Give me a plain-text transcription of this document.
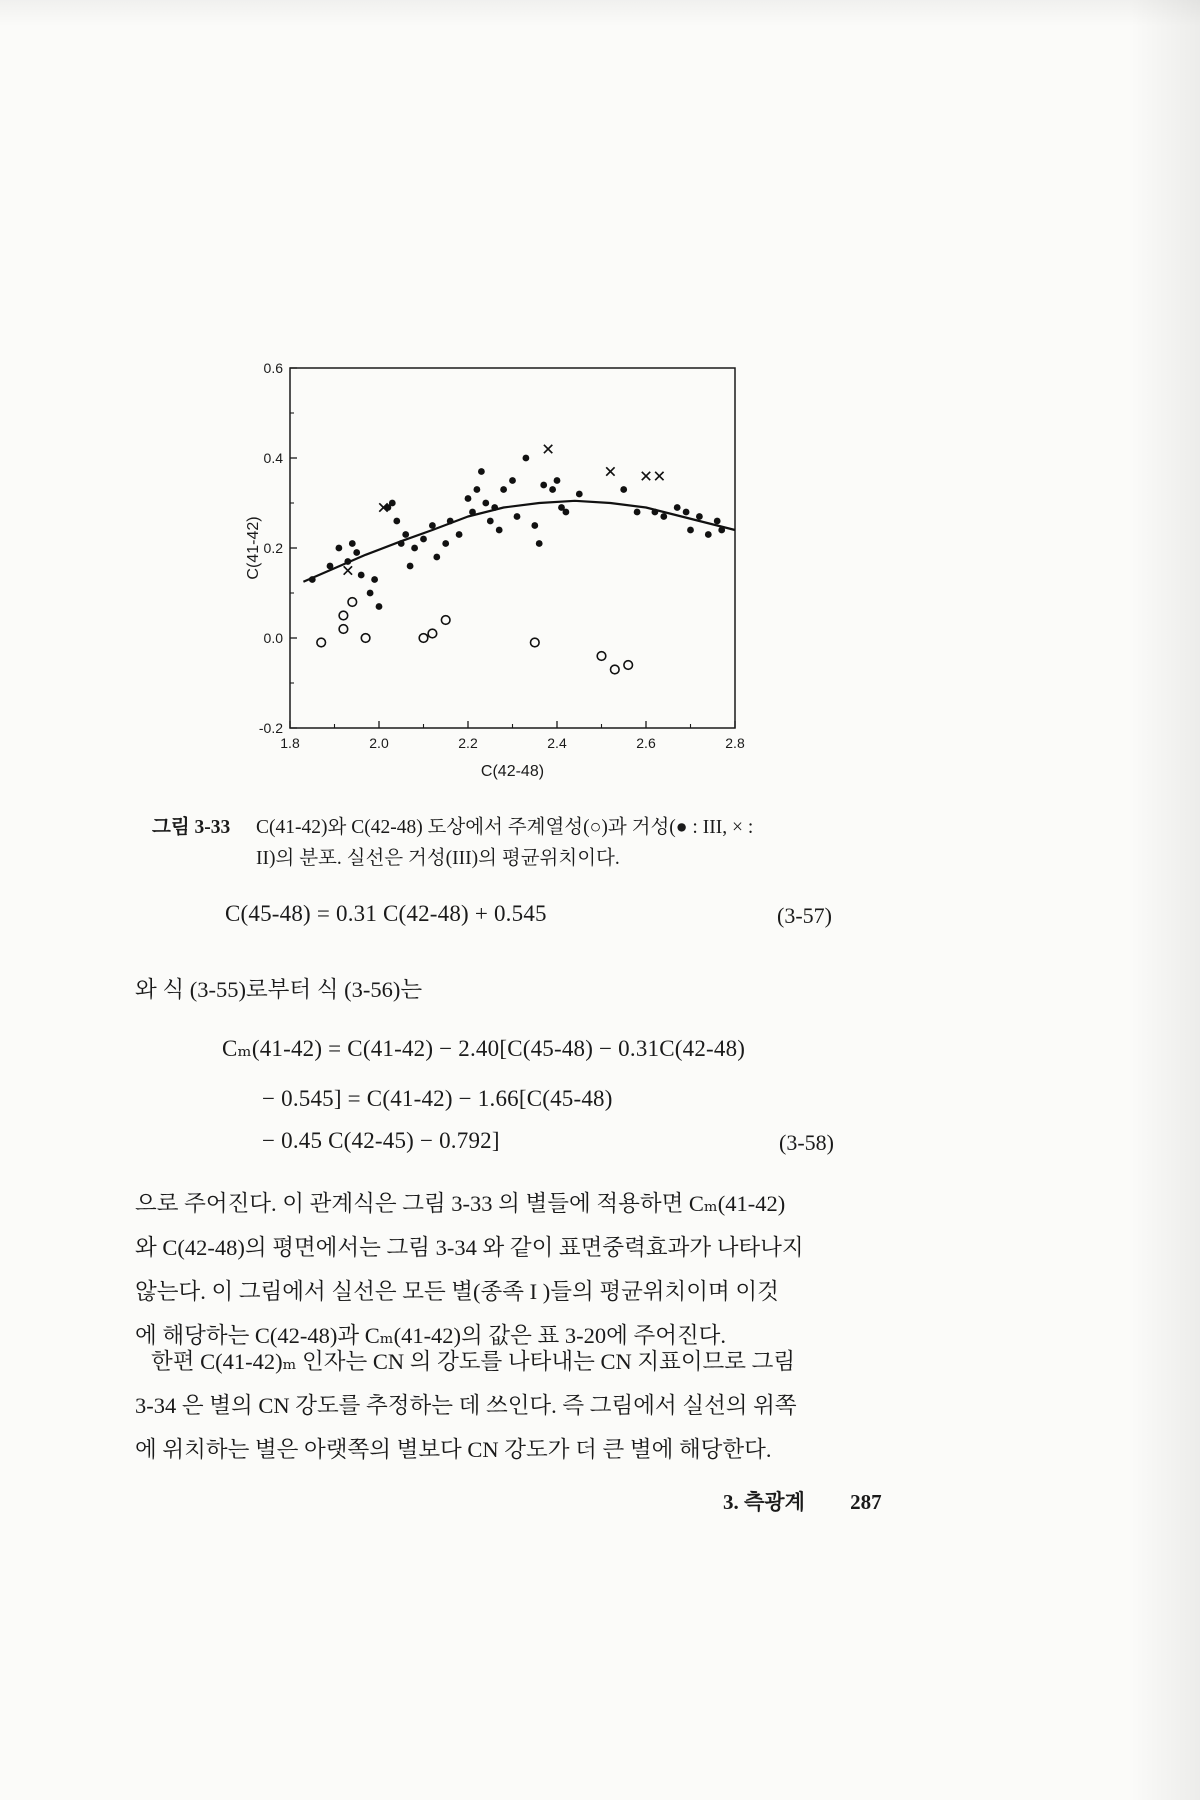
1.8	2.0	2.2	2.4	2.6	2.8
-0.2
0.0
0.2
0.4
0.6
C(42-48)
C(41-42)
그림 3-33	C(41-42)와 C(42-48) 도상에서 주계열성(○)과 거성(● : III, × :
II)의 분포. 실선은 거성(III)의 평균위치이다.
C(45-48) = 0.31 C(42-48) + 0.545	(3-57)
와 식 (3-55)로부터 식 (3-56)는
Cₘ(41-42) = C(41-42) − 2.40[C(45-48) − 0.31C(42-48)
− 0.545] = C(41-42) − 1.66[C(45-48)
− 0.45 C(42-45) − 0.792]	(3-58)
으로 주어진다. 이 관계식은 그림 3-33 의 별들에 적용하면 Cₘ(41-42)
와 C(42-48)의 평면에서는 그림 3-34 와 같이 표면중력효과가 나타나지
않는다. 이 그림에서 실선은 모든 별(종족 I )들의 평균위치이며 이것
에 해당하는 C(42-48)과 Cₘ(41-42)의 값은 표 3-20에 주어진다.
한편 C(41-42)ₘ 인자는 CN 의 강도를 나타내는 CN 지표이므로 그림
3-34 은 별의 CN 강도를 추정하는 데 쓰인다. 즉 그림에서 실선의 위쪽
에 위치하는 별은 아랫쪽의 별보다 CN 강도가 더 큰 별에 해당한다.
3. 측광계 287
